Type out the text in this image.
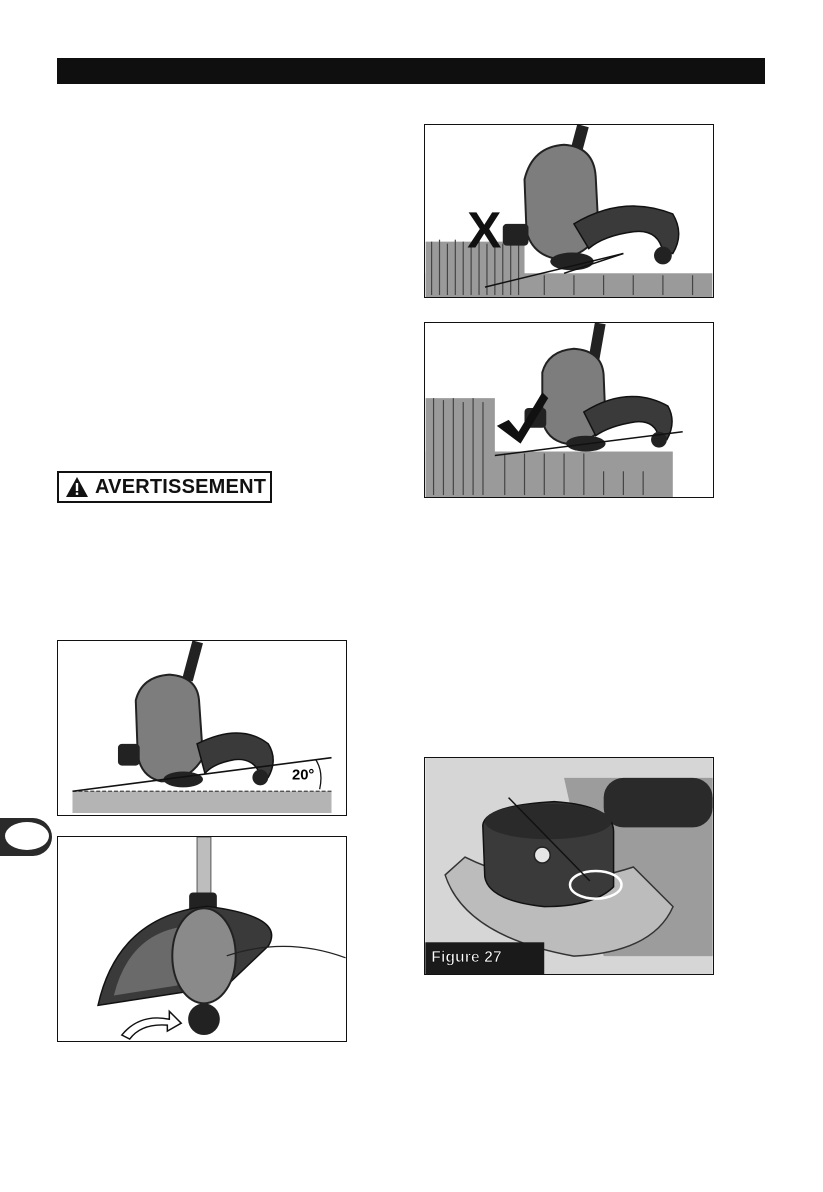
X
AVERTISSEMENT
20°
Figure 27
